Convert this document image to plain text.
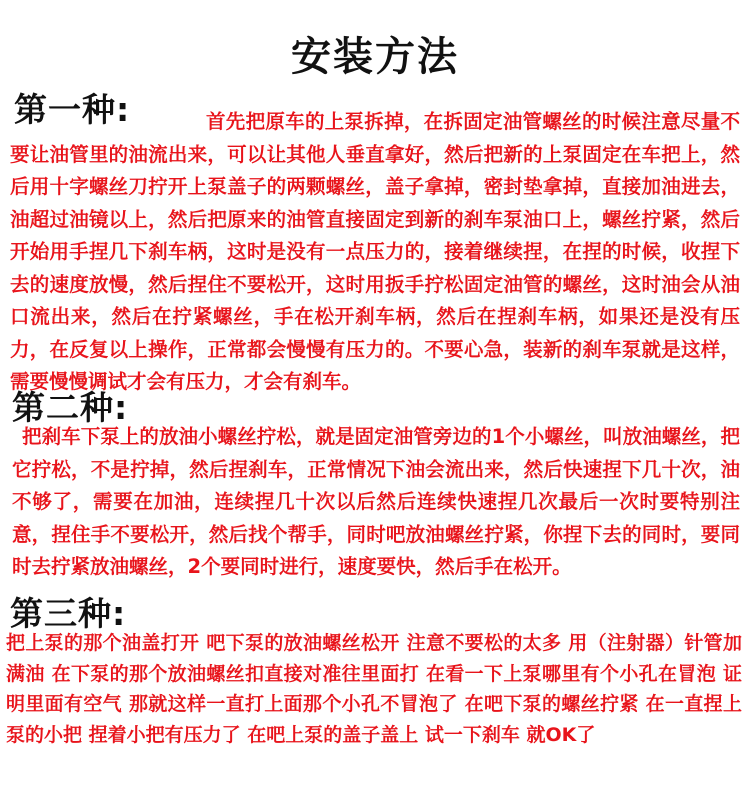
安装方法
第一种:	首先把原车的上泵拆掉，在拆固定油管螺丝的时候注意尽量不要让油管里的油流出来，可以让其他人垂直拿好，然后把新的上泵固定在车把上，然后用十字螺丝刀拧开上泵盖子的两颗螺丝，盖子拿掉，密封垫拿掉，直接加油进去，油超过油镜以上，然后把原来的油管直接固定到新的刹车泵油口上，螺丝拧紧，然后开始用手捏几下刹车柄，这时是没有一点压力的，接着继续捏，在捏的时候，收捏下去的速度放慢，然后捏住不要松开，这时用扳手拧松固定油管的螺丝，这时油会从油口流出来，然后在拧紧螺丝，手在松开刹车柄，然后在捏刹车柄，如果还是没有压力，在反复以上操作，正常都会慢慢有压力的。不要心急，装新的刹车泵就是这样，需要慢慢调试才会有压力，才会有刹车。

第二种:

把刹车下泵上的放油小螺丝拧松，就是固定油管旁边的1个小螺丝，叫放油螺丝，把它拧松，不是拧掉，然后捏刹车，正常情况下油会流出来，然后快速捏下几十次，油不够了，需要在加油，连续捏几十次以后然后连续快速捏几次最后一次时要特别注意，捏住手不要松开，然后找个帮手，同时吧放油螺丝拧紧，你捏下去的同时，要同时去拧紧放油螺丝，2个要同时进行，速度要快，然后手在松开。

第三种:

把上泵的那个油盖打开 吧下泵的放油螺丝松开 注意不要松的太多 用（注射器）针管加满油 在下泵的那个放油螺丝扣直接对准往里面打 在看一下上泵哪里有个小孔在冒泡 证明里面有空气 那就这样一直打上面那个小孔不冒泡了 在吧下泵的螺丝拧紧 在一直捏上泵的小把 捏着小把有压力了 在吧上泵的盖子盖上 试一下刹车 就OK了
